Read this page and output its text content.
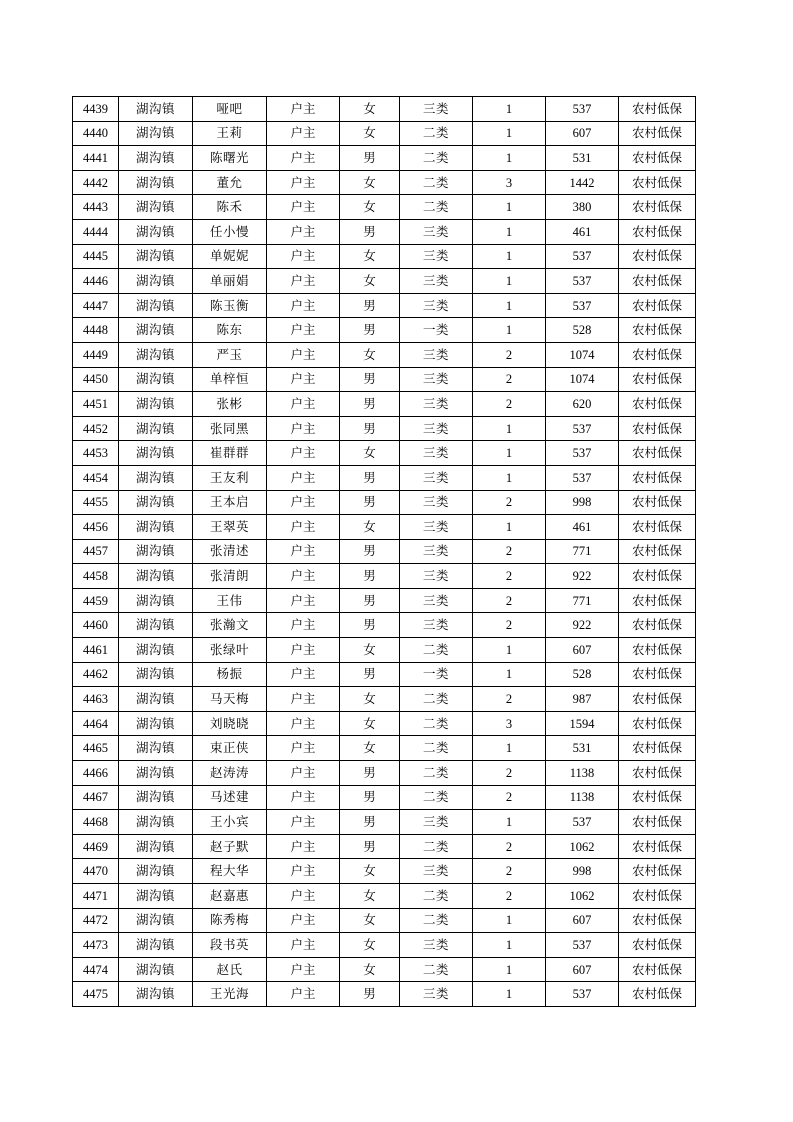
4439	湖沟镇	哑吧	户主	女	三类	1	537	农村低保
4440	湖沟镇	王莉	户主	女	二类	1	607	农村低保
4441	湖沟镇	陈曙光	户主	男	二类	1	531	农村低保
4442	湖沟镇	董允	户主	女	二类	3	1442	农村低保
4443	湖沟镇	陈禾	户主	女	二类	1	380	农村低保
4444	湖沟镇	任小慢	户主	男	三类	1	461	农村低保
4445	湖沟镇	单妮妮	户主	女	三类	1	537	农村低保
4446	湖沟镇	单丽娟	户主	女	三类	1	537	农村低保
4447	湖沟镇	陈玉衡	户主	男	三类	1	537	农村低保
4448	湖沟镇	陈东	户主	男	一类	1	528	农村低保
4449	湖沟镇	严玉	户主	女	三类	2	1074	农村低保
4450	湖沟镇	单梓恒	户主	男	三类	2	1074	农村低保
4451	湖沟镇	张彬	户主	男	三类	2	620	农村低保
4452	湖沟镇	张同黑	户主	男	三类	1	537	农村低保
4453	湖沟镇	崔群群	户主	女	三类	1	537	农村低保
4454	湖沟镇	王友利	户主	男	三类	1	537	农村低保
4455	湖沟镇	王本启	户主	男	三类	2	998	农村低保
4456	湖沟镇	王翠英	户主	女	三类	1	461	农村低保
4457	湖沟镇	张清述	户主	男	三类	2	771	农村低保
4458	湖沟镇	张清朗	户主	男	三类	2	922	农村低保
4459	湖沟镇	王伟	户主	男	三类	2	771	农村低保
4460	湖沟镇	张瀚文	户主	男	三类	2	922	农村低保
4461	湖沟镇	张绿叶	户主	女	二类	1	607	农村低保
4462	湖沟镇	杨振	户主	男	一类	1	528	农村低保
4463	湖沟镇	马天梅	户主	女	二类	2	987	农村低保
4464	湖沟镇	刘晓晓	户主	女	二类	3	1594	农村低保
4465	湖沟镇	束正侠	户主	女	二类	1	531	农村低保
4466	湖沟镇	赵涛涛	户主	男	二类	2	1138	农村低保
4467	湖沟镇	马述建	户主	男	二类	2	1138	农村低保
4468	湖沟镇	王小宾	户主	男	三类	1	537	农村低保
4469	湖沟镇	赵子默	户主	男	二类	2	1062	农村低保
4470	湖沟镇	程大华	户主	女	三类	2	998	农村低保
4471	湖沟镇	赵嘉惠	户主	女	二类	2	1062	农村低保
4472	湖沟镇	陈秀梅	户主	女	二类	1	607	农村低保
4473	湖沟镇	段书英	户主	女	三类	1	537	农村低保
4474	湖沟镇	赵氏	户主	女	二类	1	607	农村低保
4475	湖沟镇	王光海	户主	男	三类	1	537	农村低保
